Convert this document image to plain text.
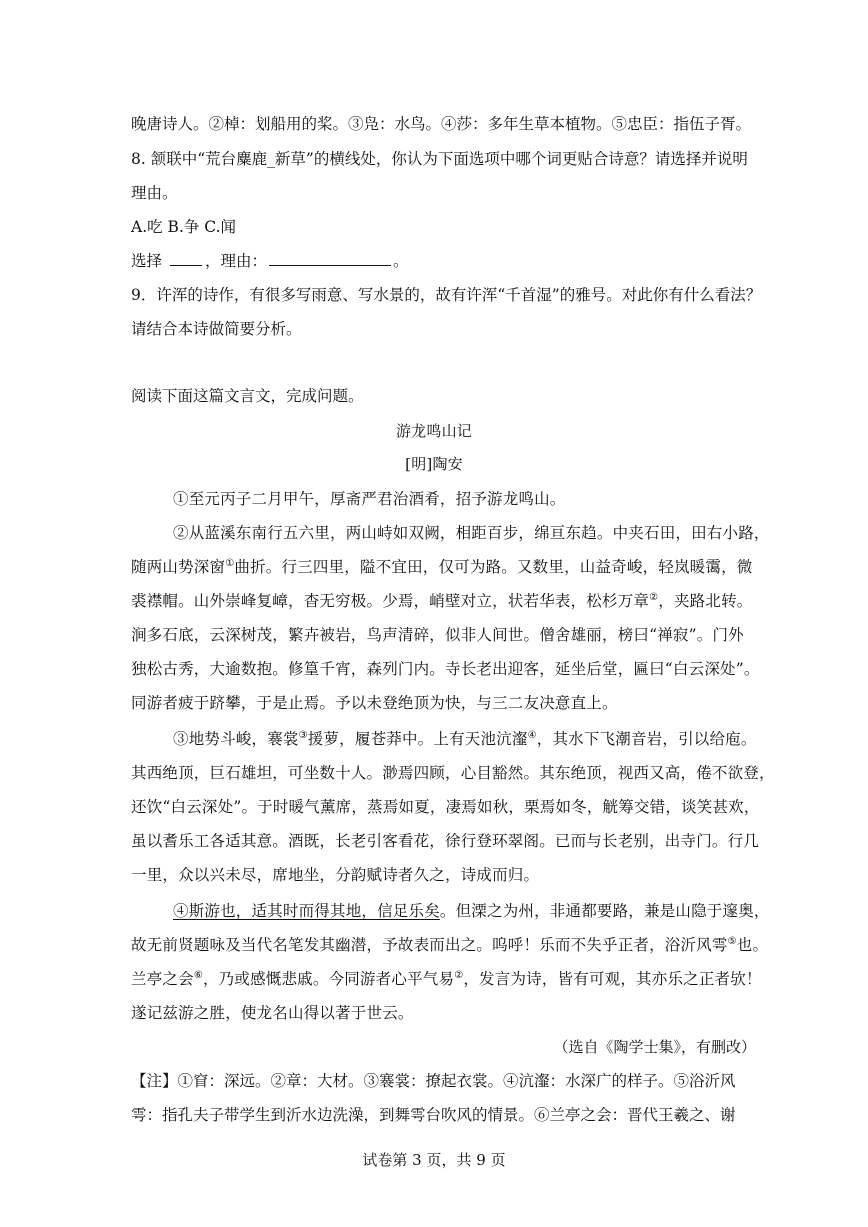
晚唐诗人。②棹：划船用的桨。③凫：水鸟。④莎：多年生草本植物。⑤忠臣：指伍子胥。
8. 颔联中“荒台麋鹿_新草”的横线处，你认为下面选项中哪个词更贴合诗意？请选择并说明
理由。
A.吃 B.争 C.闻
选择	，理由：	。
9．许浑的诗作，有很多写雨意、写水景的，故有许浑“千首湿”的雅号。对此你有什么看法？
请结合本诗做简要分析。
阅读下面这篇文言文，完成问题。
游龙鸣山记
[明]陶安
①至元丙子二月甲午，厚斋严君治酒肴，招予游龙鸣山。
②从蓝溪东南行五六里，两山峙如双阙，相距百步，绵亘东趋。中夹石田，田右小路，
随两山势深窗①曲折。行三四里，隘不宜田，仅可为路。又数里，山益奇峻，轻岚暖霭，微
裘襟帽。山外崇峰复嶂，杳无穷极。少焉，峭壁对立，状若华表，松杉万章②，夹路北转。
涧多石底，云深树茂，繁卉被岩，鸟声清碎，似非人间世。僧舍雄丽，榜曰“禅寂”。门外
独松古秀，大逾数抱。修篁千宵，森列门内。寺长老出迎客，延坐后堂，匾曰“白云深处”。
同游者疲于跻攀，于是止焉。予以未登绝顶为快，与三二友决意直上。
③地势斗峻，褰裳③援萝，履苍莽中。上有天池沆瀣④，其水下飞潮音岩，引以给庖。
其西绝顶，巨石雄坦，可坐数十人。渺焉四顾，心目豁然。其东绝顶，视西又高，倦不欲登，
还饮“白云深处”。于时暖气薰席，蒸焉如夏，凄焉如秋，栗焉如冬，觥筹交错，谈笑甚欢，
虽以耆乐工各适其意。酒既，长老引客看花，徐行登环翠阁。已而与长老别，出寺门。行几
一里，众以兴未尽，席地坐，分韵赋诗者久之，诗成而归。
④斯游也，适其时而得其地，信足乐矣。但溧之为州，非通都要路，兼是山隐于邃奥，
故无前贤题咏及当代名笔发其幽潜，予故表而出之。呜呼！乐而不失乎正者，浴沂风雩⑤也。
兰亭之会⑥，乃或感慨悲戚。今同游者心平气易②，发言为诗，皆有可观，其亦乐之正者欤！
遂记兹游之胜，使龙名山得以著于世云。
（选自《陶学士集》，有删改）
【注】①窅：深远。②章：大材。③褰裳：撩起衣裳。④沆瀣：水深广的样子。⑤浴沂风
雩：指孔夫子带学生到沂水边洗澡，到舞雩台吹风的情景。⑥兰亭之会：晋代王羲之、谢
试卷第 3 页，共 9 页
